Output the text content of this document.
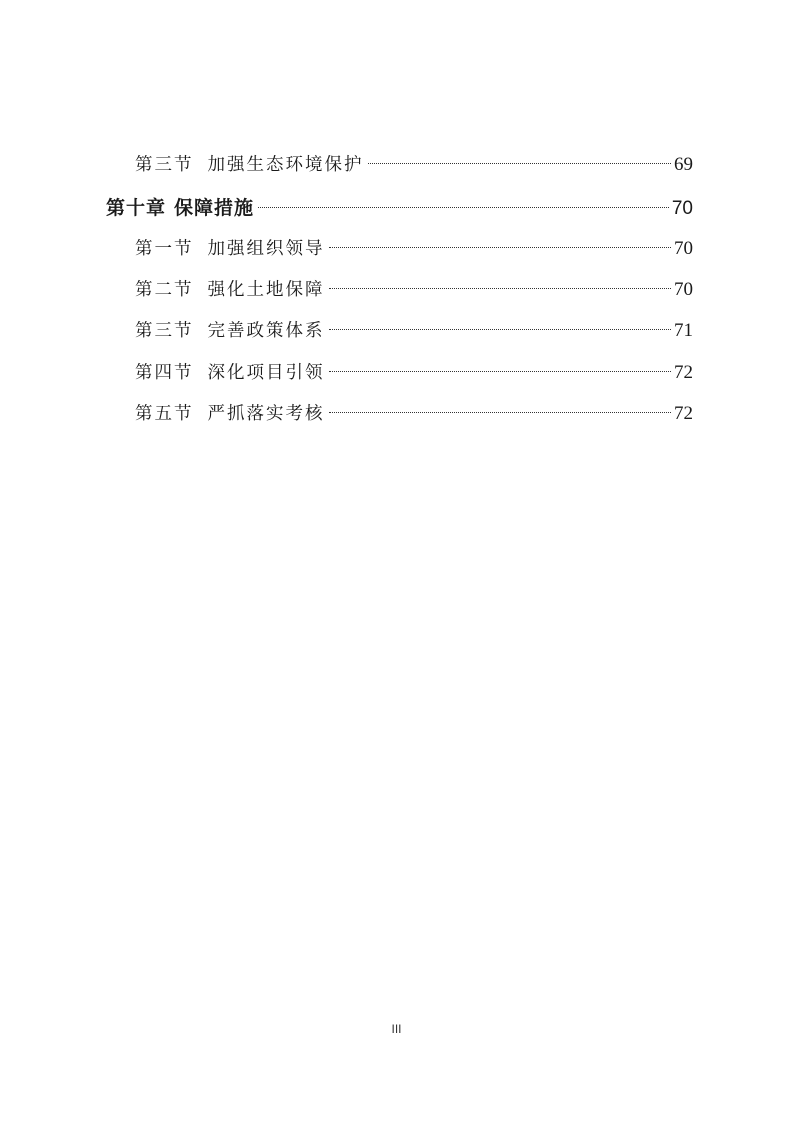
第三节 加强生态环境保护	69
第十章 保障措施	70
第一节 加强组织领导	70
第二节 强化土地保障	70
第三节 完善政策体系	71
第四节 深化项目引领	72
第五节 严抓落实考核	72
III
